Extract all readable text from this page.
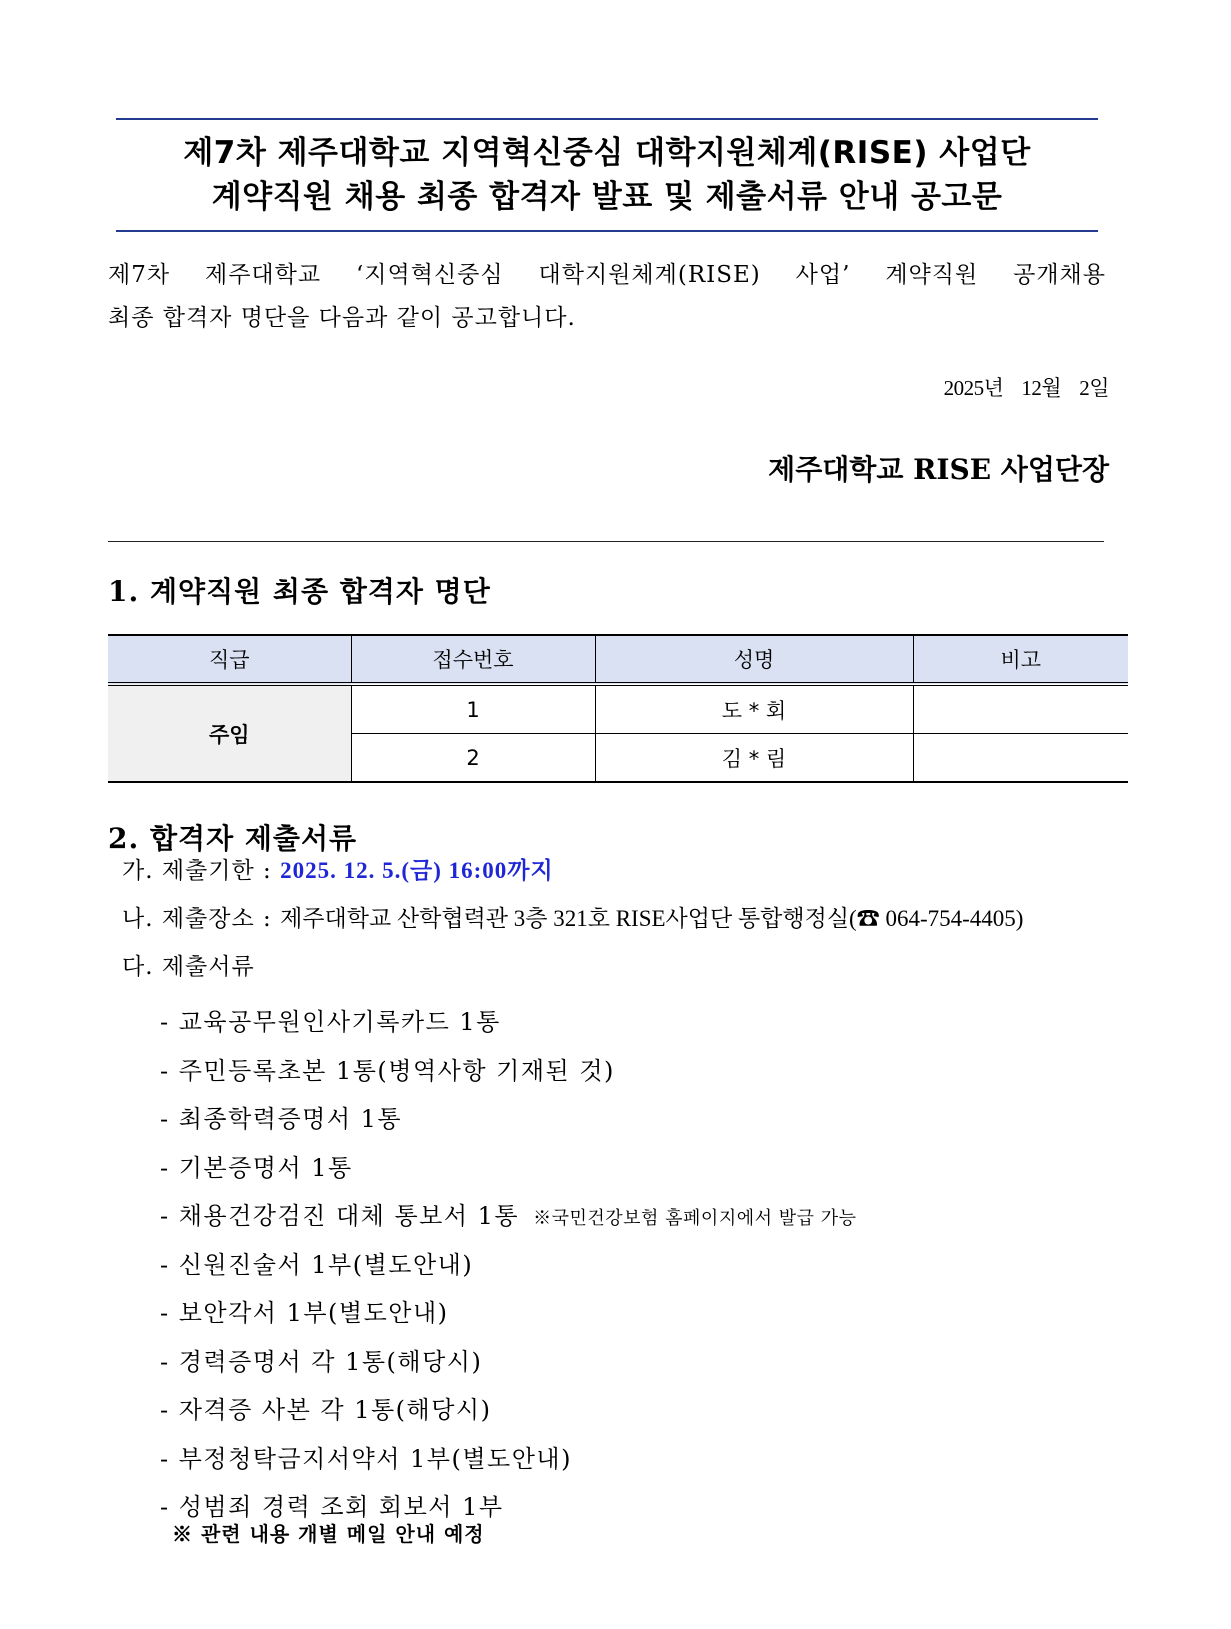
제7차 제주대학교 지역혁신중심 대학지원체계(RISE) 사업단
계약직원 채용 최종 합격자 발표 및 제출서류 안내 공고문
제7차 제주대학교 ‘지역혁신중심 대학지원체계(RISE) 사업’ 계약직원 공개채용
최종 합격자 명단을 다음과 같이 공고합니다.
2025년 12월 2일
제주대학교 RISE 사업단장
1. 계약직원 최종 합격자 명단
직급	접수번호	성명	비고
주임	1	도 * 회	
	2	김 * 림	
2. 합격자 제출서류
가. 제출기한 : 2025. 12. 5.(금) 16:00까지
나. 제출장소 : 제주대학교 산학협력관 3층 321호 RISE사업단 통합행정실(☎ 064-754-4405)
다. 제출서류
- 교육공무원인사기록카드 1통
- 주민등록초본 1통(병역사항 기재된 것)
- 최종학력증명서 1통
- 기본증명서 1통
- 채용건강검진 대체 통보서 1통 ※국민건강보험 홈페이지에서 발급 가능
- 신원진술서 1부(별도안내)
- 보안각서 1부(별도안내)
- 경력증명서 각 1통(해당시)
- 자격증 사본 각 1통(해당시)
- 부정청탁금지서약서 1부(별도안내)
- 성범죄 경력 조회 회보서 1부
※ 관련 내용 개별 메일 안내 예정
